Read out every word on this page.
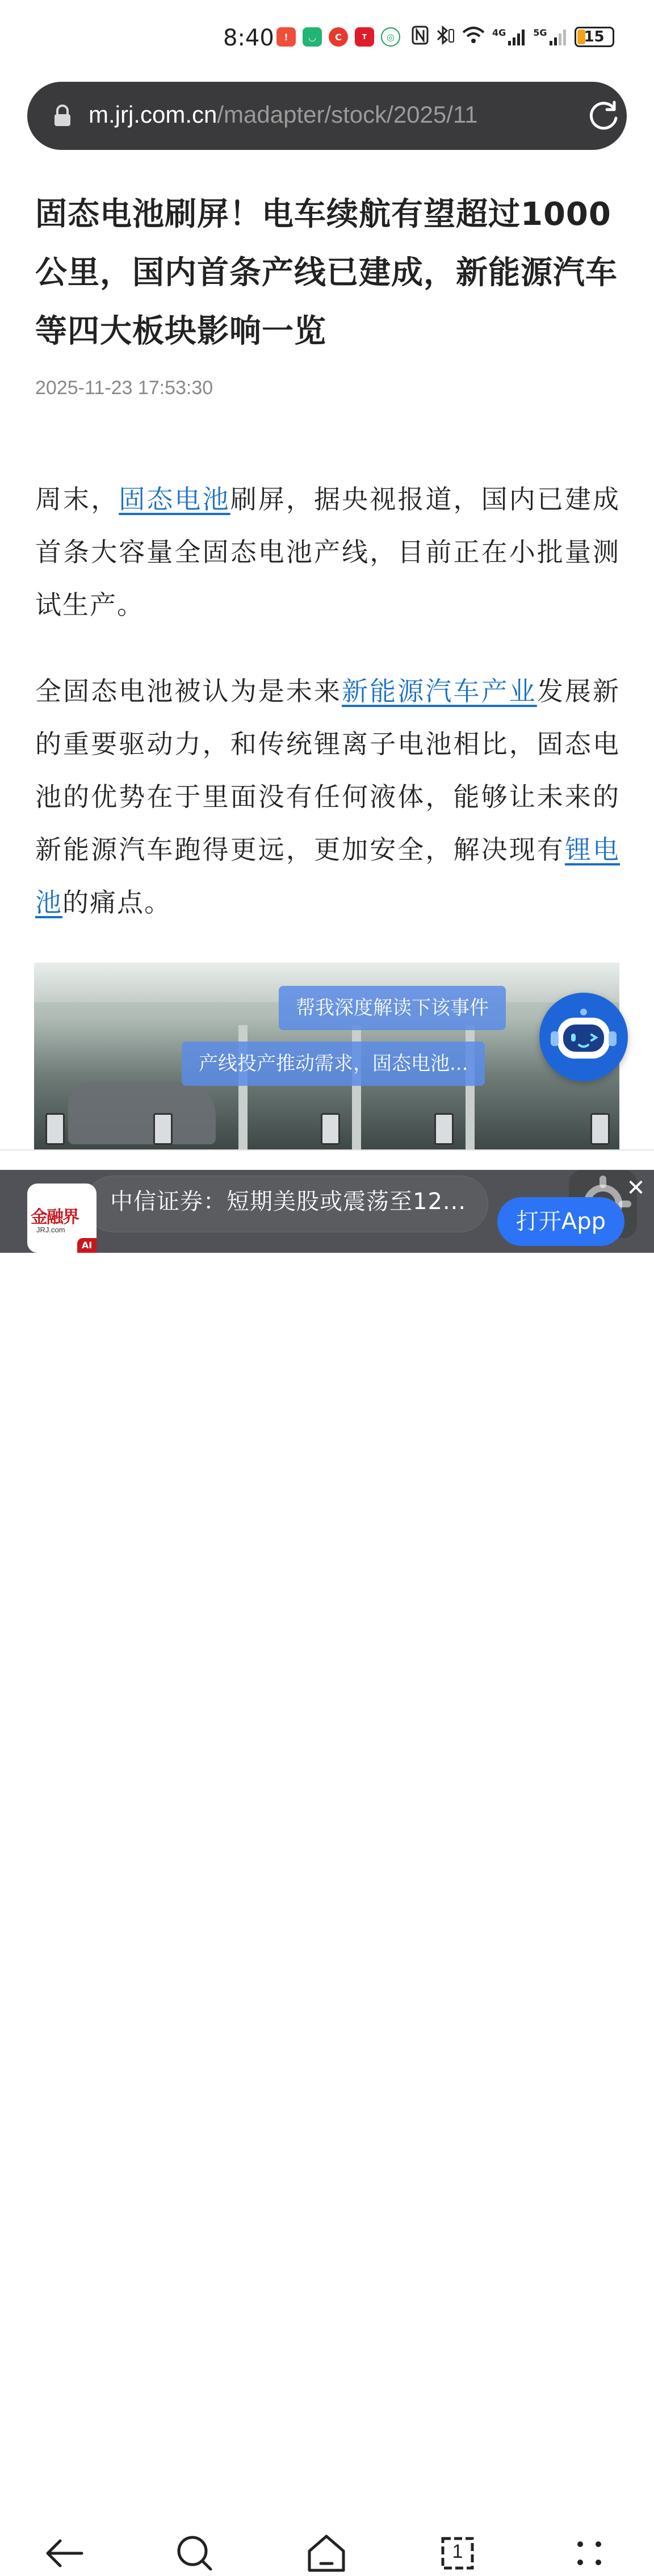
8:40	!	◡	C	T	◎	4G	5G 15
m.jrj.com.cn/madapter/stock/2025/11
固态电池刷屏！电车续航有望超过1000公里，国内首条产线已建成，新能源汽车等四大板块影响一览
2025-11-23 17:53:30

周末，固态电池刷屏，据央视报道，国内已建成首条大容量全固态电池产线，目前正在小批量测试生产。

全固态电池被认为是未来新能源汽车产业发展新的重要驱动力，和传统锂离子电池相比，固态电池的优势在于里面没有任何液体，能够让未来的新能源汽车跑得更远，更加安全，解决现有锂电池的痛点。

帮我深度解读下该事件
产线投产推动需求，固态电池...
金融界
JRJ.com
AI
中信证券：短期美股或震荡至12...
打开App
✕
1
